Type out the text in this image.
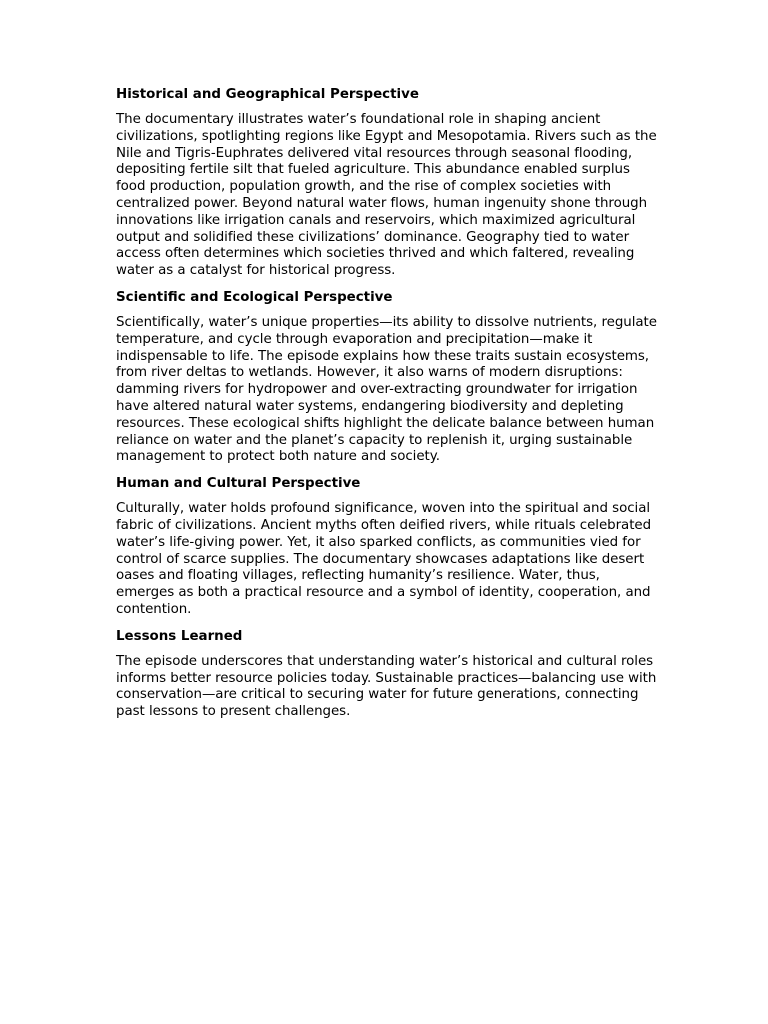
Historical and Geographical Perspective

The documentary illustrates water’s foundational role in shaping ancient civilizations, spotlighting regions like Egypt and Mesopotamia. Rivers such as the Nile and Tigris-Euphrates delivered vital resources through seasonal flooding, depositing fertile silt that fueled agriculture. This abundance enabled surplus food production, population growth, and the rise of complex societies with centralized power. Beyond natural water flows, human ingenuity shone through innovations like irrigation canals and reservoirs, which maximized agricultural output and solidified these civilizations’ dominance. Geography tied to water access often determines which societies thrived and which faltered, revealing water as a catalyst for historical progress.

Scientific and Ecological Perspective

Scientifically, water’s unique properties—its ability to dissolve nutrients, regulate temperature, and cycle through evaporation and precipitation—make it indispensable to life. The episode explains how these traits sustain ecosystems, from river deltas to wetlands. However, it also warns of modern disruptions: damming rivers for hydropower and over-extracting groundwater for irrigation have altered natural water systems, endangering biodiversity and depleting resources. These ecological shifts highlight the delicate balance between human reliance on water and the planet’s capacity to replenish it, urging sustainable management to protect both nature and society.

Human and Cultural Perspective

Culturally, water holds profound significance, woven into the spiritual and social fabric of civilizations. Ancient myths often deified rivers, while rituals celebrated water’s life-giving power. Yet, it also sparked conflicts, as communities vied for control of scarce supplies. The documentary showcases adaptations like desert oases and floating villages, reflecting humanity’s resilience. Water, thus, emerges as both a practical resource and a symbol of identity, cooperation, and contention.

Lessons Learned

The episode underscores that understanding water’s historical and cultural roles informs better resource policies today. Sustainable practices—balancing use with conservation—are critical to securing water for future generations, connecting past lessons to present challenges.
